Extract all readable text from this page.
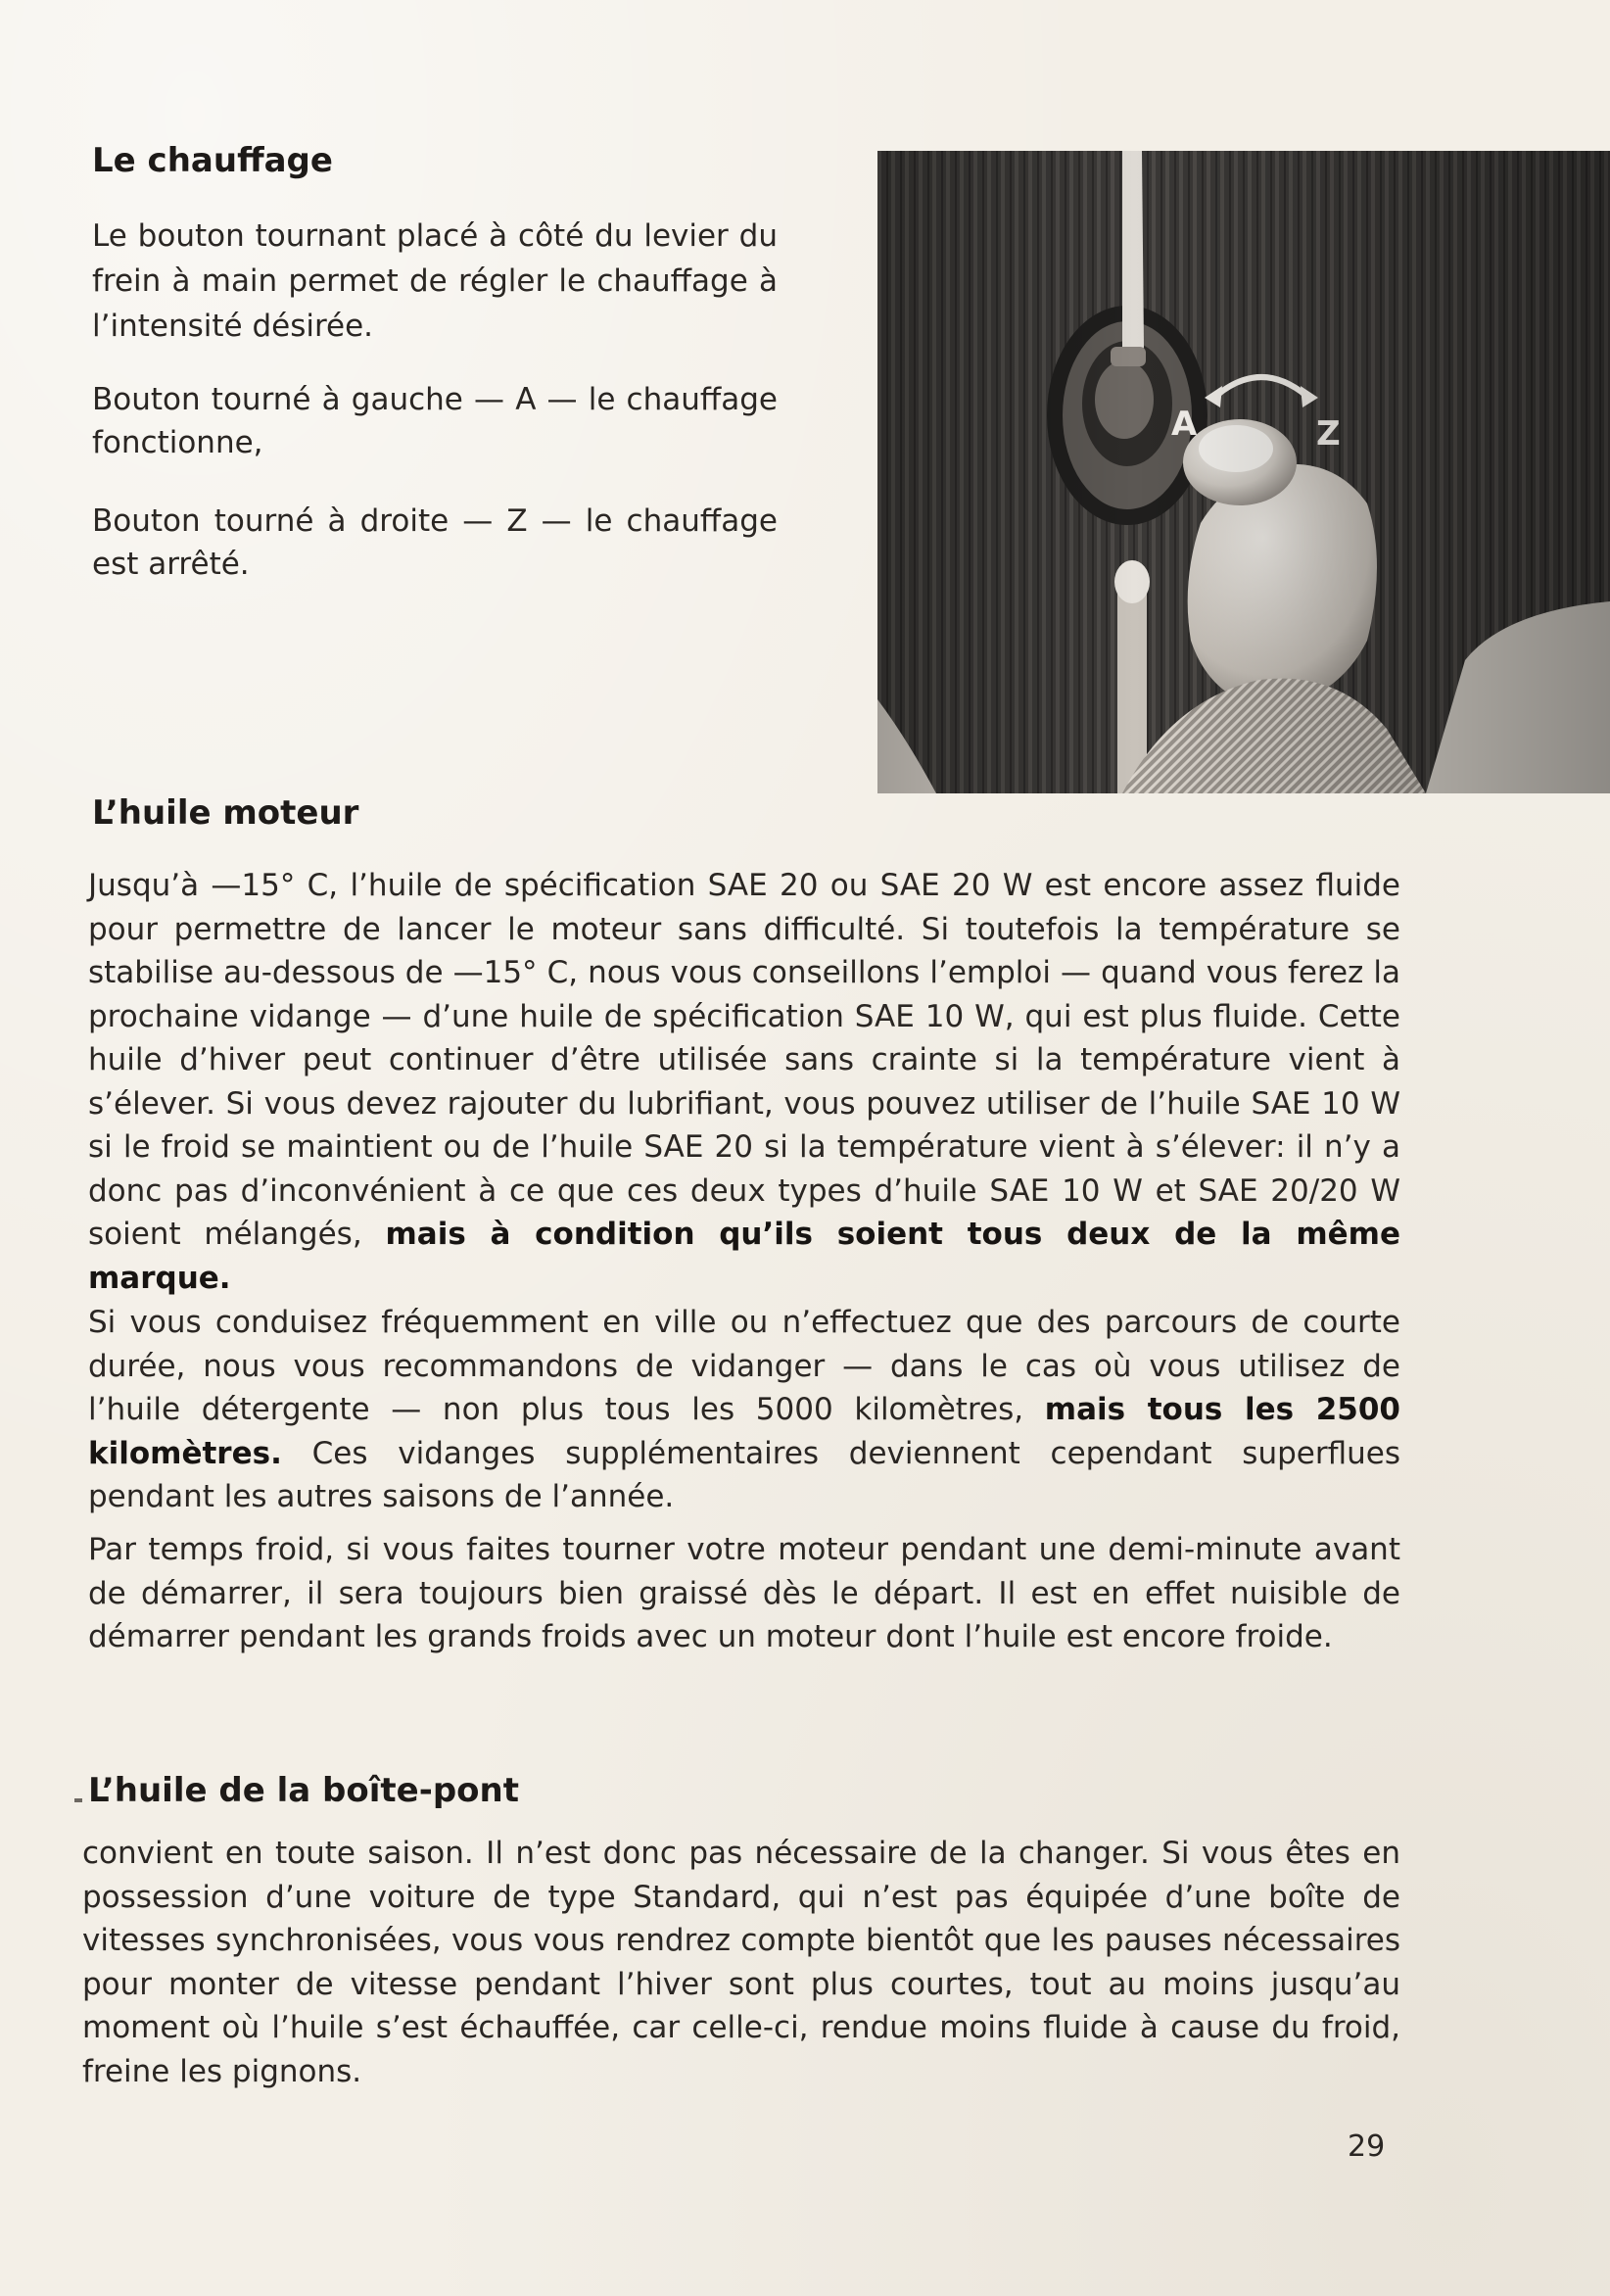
Le chauffage

Le bouton tournant placé à côté du levier du frein à main permet de régler le chauffage à l’intensité désirée.

Bouton tourné à gauche — A — le chauffage fonctionne,

Bouton tourné à droite — Z — le chauffage est arrêté.

L’huile moteur

Jusqu’à —15° C, l’huile de spécification SAE 20 ou SAE 20 W est encore assez fluide pour permettre de lancer le moteur sans difficulté. Si toutefois la température se stabilise au-dessous de —15° C, nous vous conseillons l’emploi — quand vous ferez la prochaine vidange — d’une huile de spécification SAE 10 W, qui est plus fluide. Cette huile d’hiver peut continuer d’être utilisée sans crainte si la température vient à s’élever. Si vous devez rajouter du lubrifiant, vous pouvez utiliser de l’huile SAE 10 W si le froid se maintient ou de l’huile SAE 20 si la température vient à s’élever: il n’y a donc pas d’inconvénient à ce que ces deux types d’huile SAE 10 W et SAE 20/20 W soient mélangés, mais à condition qu’ils soient tous deux de la même marque.

Si vous conduisez fréquemment en ville ou n’effectuez que des parcours de courte durée, nous vous recommandons de vidanger — dans le cas où vous utilisez de l’huile détergente — non plus tous les 5000 kilomètres, mais tous les 2500 kilomètres. Ces vidanges supplémentaires deviennent cependant superflues pendant les autres saisons de l’année.

Par temps froid, si vous faites tourner votre moteur pendant une demi-minute avant de démarrer, il sera toujours bien graissé dès le départ. Il est en effet nuisible de démarrer pendant les grands froids avec un moteur dont l’huile est encore froide.

L’huile de la boîte-pont

convient en toute saison. Il n’est donc pas nécessaire de la changer. Si vous êtes en possession d’une voiture de type Standard, qui n’est pas équipée d’une boîte de vitesses synchronisées, vous vous rendrez compte bientôt que les pauses nécessaires pour monter de vitesse pendant l’hiver sont plus courtes, tout au moins jusqu’au moment où l’huile s’est échauffée, car celle-ci, rendue moins fluide à cause du froid, freine les pignons.

29
